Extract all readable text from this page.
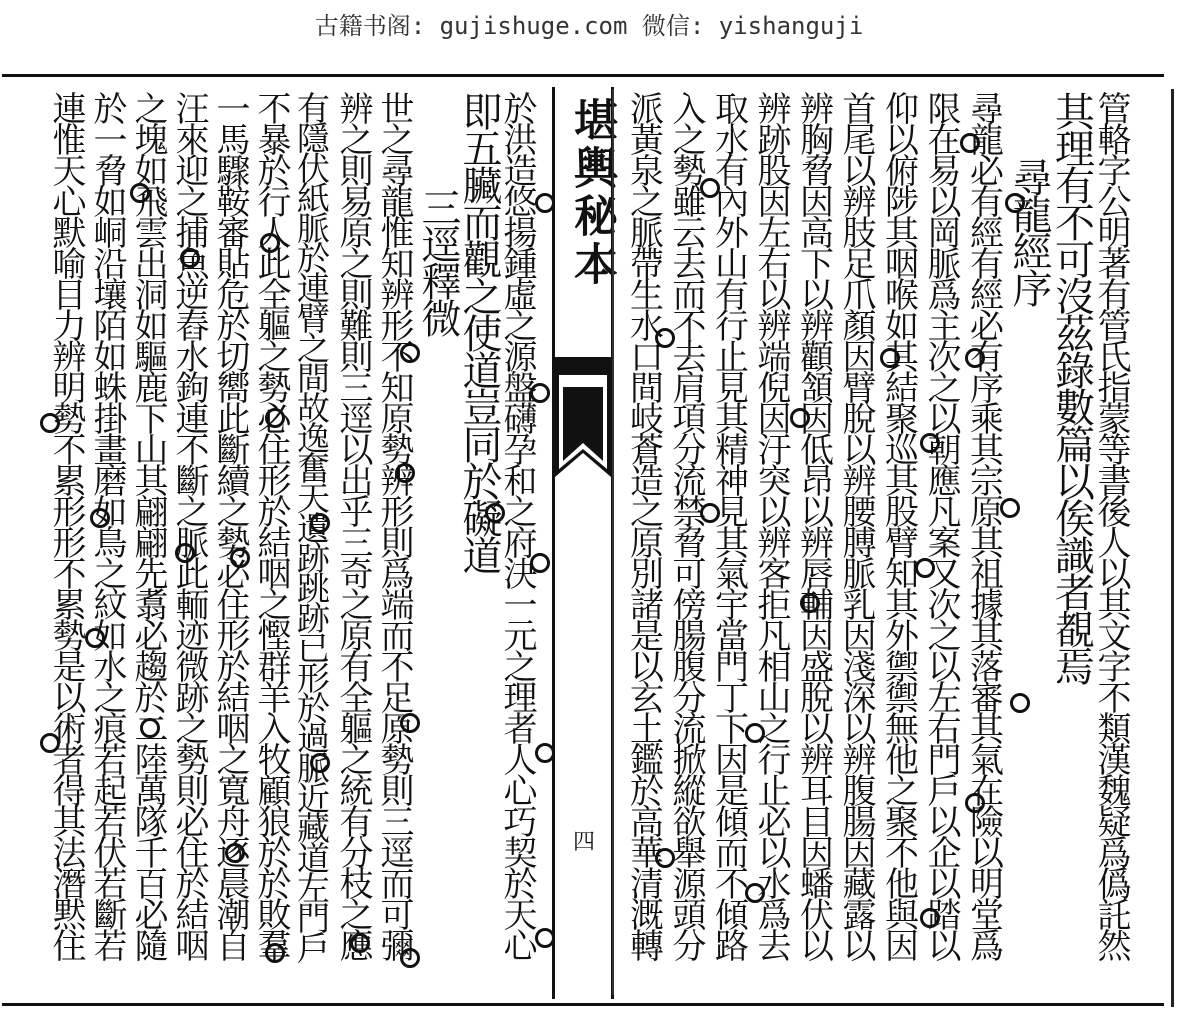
古籍书阁: gujishuge.com 微信: yishanguji
於洪造悠揚鍾虛之源盤礴孕和之府決一元之理者人心巧契於天心
即五臟而觀之使道豈同於礙道
三逕釋微
世之尋龍惟知辨形不知原勢辨形則爲端而不足原勢則三逕而可彌
辨之則易原之則難則三逕以出乎三奇之原有全軀之統有分枝之應
有隱伏紙脈於連臂之間故逸奮天遺跡跳跡已形於過脈近藏道左門戶
不暴於行人此全軀之勢必住形於結咽之慳群羊入牧顧狼於於敗羣
一馬驟鞍審貼危於切嚮此斷續之勢必住形於結咽之寬舟逐晨潮自
汪來迎之捕魚逆舂水鉤連不斷之脈此輀迹微跡之勢則必住於結咽
之塊如飛雲出洞如驅鹿下山其翩翩先翥必趨於二陸萬隊千百必隨
於一脅如峒沿壤陌如蛛掛畫磨如鳥之紋如水之痕若起若伏若斷若
連惟天心默喻目力辨明勢不累形形不累勢是以術者得其法潛黙住	堪輿秘本
四	管輅字公明著有管氏指蒙等書後人以其文字不類漢魏疑爲僞託然
其理有不可沒茲錄數篇以俟識者覩焉
尋龍經序
尋龍必有經有經必有序乘其宗原其祖據其落審其氣在險以明堂爲
限在易以岡脈爲主次之以朝應凡案又次之以左右門戶以企以踏以
仰以俯陟其咽喉如其結聚巡其股臂知其外禦禦無他之聚不他與因
首尾以辨肢足爪顏因臂脫以辨腰膊脈乳因淺深以辨腹腸因藏露以
辨胸脅因高下以辨顴頷因低昂以辨唇輔因盛脫以辨耳目因蟠伏以
辨跡股因左右以辨端倪因汙突以辨客拒凡相山之行止必以水爲去
取水有內外山有行止見其精神見其氣宇當門丁下因是傾而不傾路
入之勢雖云去而不去肩項分流禁脅可傍腸腹分流掀縱欲舉源頭分
派黃泉之脈帶生水口間岐蒼造之原別諸是以玄土鑑於高華清溉轉
